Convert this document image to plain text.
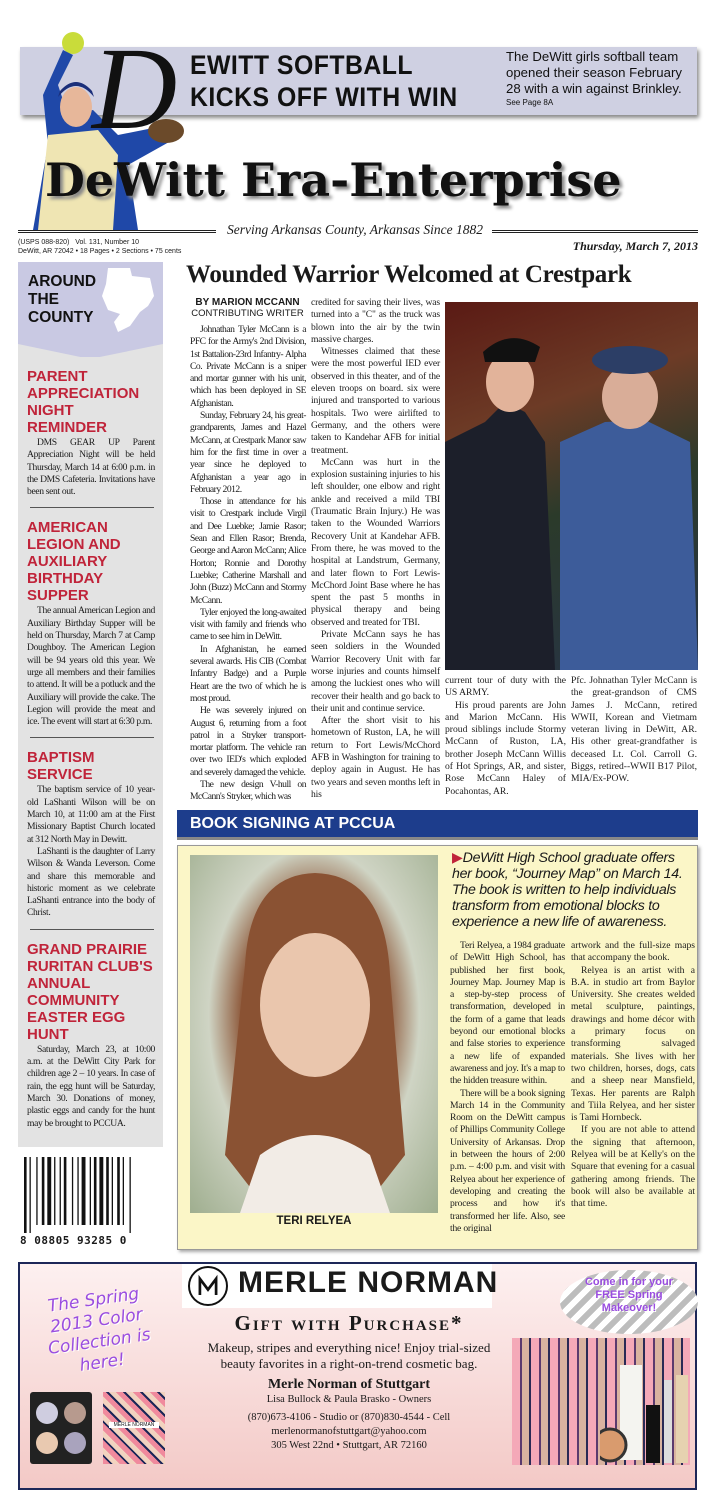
D EWITT SOFTBALL
KICKS OFF WITH WIN
The DeWitt girls softball team opened their season February 28 with a win against Brinkley.
See Page 8A
DeWitt Era-Enterprise
Serving Arkansas County, Arkansas Since 1882
(USPS 088-820)   Vol. 131, Number 10
DeWitt, AR 72042 • 18 Pages • 2 Sections • 75 cents	Thursday, March 7, 2013
AROUND THE COUNTY
PARENT APPRECIATION NIGHT REMINDER

DMS GEAR UP Parent Appreciation Night will be held Thursday, March 14 at 6:00 p.m. in the DMS Cafeteria. Invitations have been sent out.

AMERICAN LEGION AND AUXILIARY BIRTHDAY SUPPER

The annual American Legion and Auxiliary Birthday Supper will be held on Thursday, March 7 at Camp Doughboy. The American Legion will be 94 years old this year. We urge all members and their families to attend. It will be a potluck and the Auxiliary will provide the cake. The Legion will provide the meat and ice. The event will start at 6:30 p.m.

BAPTISM SERVICE

The baptism service of 10 year-old LaShanti Wilson will be on March 10, at 11:00 am at the First Missionary Baptist Church located at 312 North May in Dewitt.

LaShanti is the daughter of Larry Wilson & Wanda Leverson. Come and share this memorable and historic moment as we celebrate LaShanti entrance into the body of Christ.

GRAND PRAIRIE RURITAN CLUB'S ANNUAL COMMUNITY EASTER EGG HUNT

Saturday, March 23, at 10:00 a.m. at the DeWitt City Park for children age 2 – 10 years. In case of rain, the egg hunt will be Saturday, March 30. Donations of money, plastic eggs and candy for the hunt may be brought to PCCUA.

8 08805 93285 0
Wounded Warrior Welcomed at Crestpark
BY MARION MCCANN
CONTRIBUTING WRITER

Johnathan Tyler McCann is a PFC for the Army's 2nd Division, 1st Battalion-23rd Infantry- Alpha Co. Private McCann is a sniper and mortar gunner with his unit, which has been deployed in SE Afghanistan.

Sunday, February 24, his great-grandparents, James and Hazel McCann, at Crestpark Manor saw him for the first time in over a year since he deployed to Afghanistan a year ago in February 2012.

Those in attendance for his visit to Crestpark include Virgil and Dee Luebke; Jamie Rasor; Sean and Ellen Rasor; Brenda, George and Aaron McCann; Alice Horton; Ronnie and Dorothy Luebke; Catherine Marshall and John (Buzz) McCann and Stormy McCann.

Tyler enjoyed the long-awaited visit with family and friends who came to see him in DeWitt.

In Afghanistan, he earned several awards. His CIB (Combat Infantry Badge) and a Purple Heart are the two of which he is most proud.

He was severely injured on August 6, returning from a foot patrol in a Stryker transport-mortar platform. The vehicle ran over two IED's which exploded and severely damaged the vehicle.

The new design V-hull on McCann's Stryker, which was

credited for saving their lives, was turned into a "C" as the truck was blown into the air by the twin massive charges.

Witnesses claimed that these were the most powerful IED ever observed in this theater, and of the eleven troops on board. six were injured and transported to various hospitals. Two were airlifted to Germany, and the others were taken to Kandehar AFB for initial treatment.

McCann was hurt in the explosion sustaining injuries to his left shoulder, one elbow and right ankle and received a mild TBI (Traumatic Brain Injury.) He was taken to the Wounded Warriors Recovery Unit at Kandehar AFB. From there, he was moved to the hospital at Landstrum, Germany, and later flown to Fort Lewis- McChord Joint Base where he has spent the past 5 months in physical therapy and being observed and treated for TBI.

Private McCann says he has seen soldiers in the Wounded Warrior Recovery Unit with far worse injuries and counts himself among the luckiest ones who will recover their health and go back to their unit and continue service.

After the short visit to his hometown of Ruston, LA, he will return to Fort Lewis/McChord AFB in Washington for training to deploy again in August. He has two years and seven months left in his

current tour of duty with the US ARMY.

His proud parents are John and Marion McCann. His proud siblings include Stormy McCann of Ruston, LA, brother Joseph McCann Willis of Hot Springs, AR, and sister, Rose McCann Haley of Pocahontas, AR.

Pfc. Johnathan Tyler McCann is the great-grandson of CMS James J. McCann, retired WWII, Korean and Vietmam veteran living in DeWitt, AR. His other great-grandfather is deceased Lt. Col. Carroll G. Biggs, retired--WWII B17 Pilot, MIA/Ex-POW.

BOOK SIGNING AT PCCUA
TERI RELYEA
▶DeWitt High School graduate offers her book, “Journey Map” on March 14. The book is written to help individuals transform from emotional blocks to experience a new life of awareness.

Teri Relyea, a 1984 graduate of DeWitt High School, has published her first book, Journey Map. Journey Map is a step-by-step process of transformation, developed in the form of a game that leads beyond our emotional blocks and false stories to experience a new life of expanded awareness and joy. It's a map to the hidden treasure within.

There will be a book signing March 14 in the Community Room on the DeWitt campus of Phillips Community College University of Arkansas. Drop in between the hours of 2:00 p.m. – 4:00 p.m. and visit with Relyea about her experience of developing and creating the process and how it's transformed her life. Also, see the original

artwork and the full-size maps that accompany the book.

Relyea is an artist with a B.A. in studio art from Baylor University. She creates welded metal sculpture, paintings, drawings and home décor with a primary focus on transforming salvaged materials. She lives with her two children, horses, dogs, cats and a sheep near Mansfield, Texas. Her parents are Ralph and Tiila Relyea, and her sister is Tami Hornbeck.

If you are not able to attend the signing that afternoon, Relyea will be at Kelly's on the Square that evening for a casual gathering among friends. The book will also be available at that time.

The Spring 2013 Color Collection is here!
MERLE NORMAN
MERLE NORMAN
Gift with Purchase*
Makeup, stripes and everything nice! Enjoy trial-sized beauty favorites in a right-on-trend cosmetic bag.
Merle Norman of Stuttgart
Lisa Bullock & Paula Brasko - Owners
(870)673-4106 - Studio or (870)830-4544 - Cell
merlenormanofstuttgart@yahoo.com
305 West 22nd • Stuttgart, AR 72160
Come in for your FREE Spring Makeover!
